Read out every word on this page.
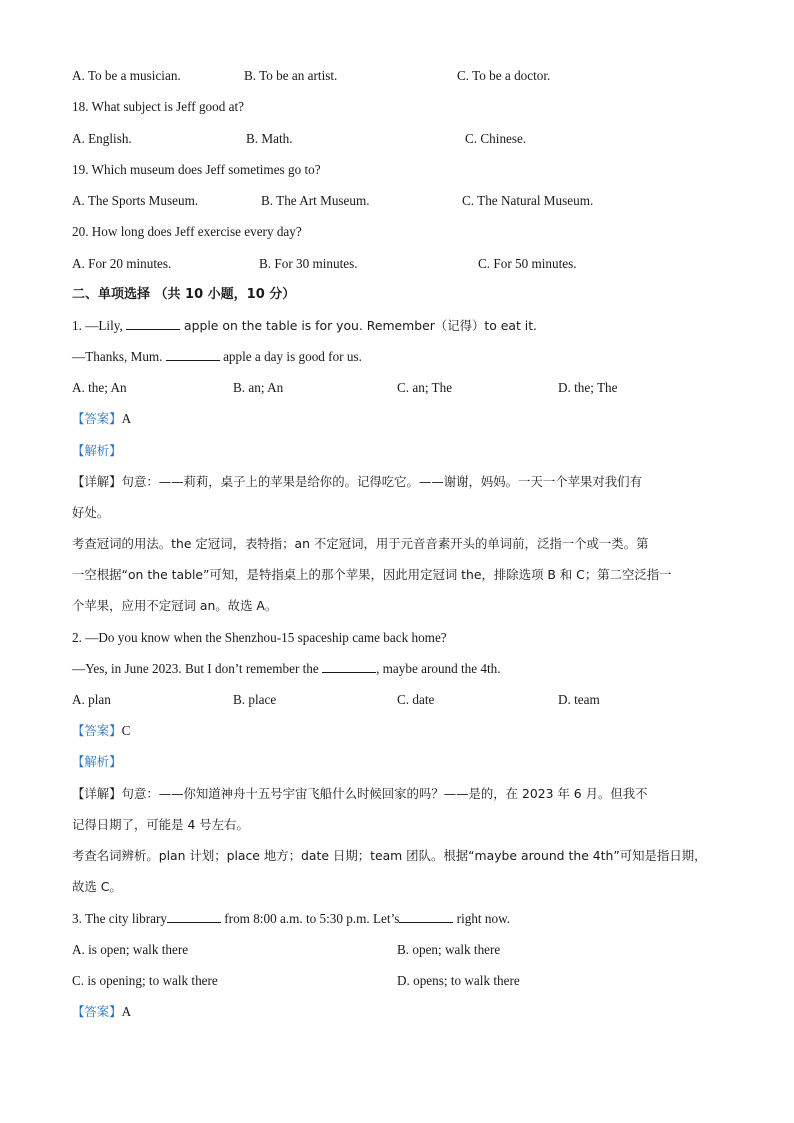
A. To be a musician.	B. To be an artist.	C. To be a doctor.
18. What subject is Jeff good at?
A. English.	B. Math.	C. Chinese.
19. Which museum does Jeff sometimes go to?
A. The Sports Museum.	B. The Art Museum.	C. The Natural Museum.
20. How long does Jeff exercise every day?
A. For 20 minutes.	B. For 30 minutes.	C. For 50 minutes.
二、单项选择 （共 10 小题，10 分）
1. —Lily,	apple on the table is for you. Remember（记得）to eat it.
—Thanks, Mum.	apple a day is good for us.
A. the; An	B. an; An	C. an; The	D. the; The
【答案】A
【解析】
【详解】句意：——莉莉，桌子上的苹果是给你的。记得吃它。——谢谢，妈妈。一天一个苹果对我们有
好处。
考查冠词的用法。the 定冠词，表特指；an 不定冠词，用于元音音素开头的单词前，泛指一个或一类。第
一空根据“on the table”可知，是特指桌上的那个苹果，因此用定冠词 the，排除选项 B 和 C；第二空泛指一
个苹果，应用不定冠词 an。故选 A。
2. —Do you know when the Shenzhou-15 spaceship came back home?
—Yes, in June 2023. But I don’t remember the	, maybe around the 4th.
A. plan	B. place	C. date	D. team
【答案】C
【解析】
【详解】句意：——你知道神舟十五号宇宙飞船什么时候回家的吗？——是的，在 2023 年 6 月。但我不
记得日期了，可能是 4 号左右。
考查名词辨析。plan 计划；place 地方；date 日期；team 团队。根据“maybe around the 4th”可知是指日期，
故选 C。
3. The city library	from 8:00 a.m. to 5:30 p.m. Let’s	right now.
A. is open; walk there	B. open; walk there
C. is opening; to walk there	D. opens; to walk there
【答案】A
